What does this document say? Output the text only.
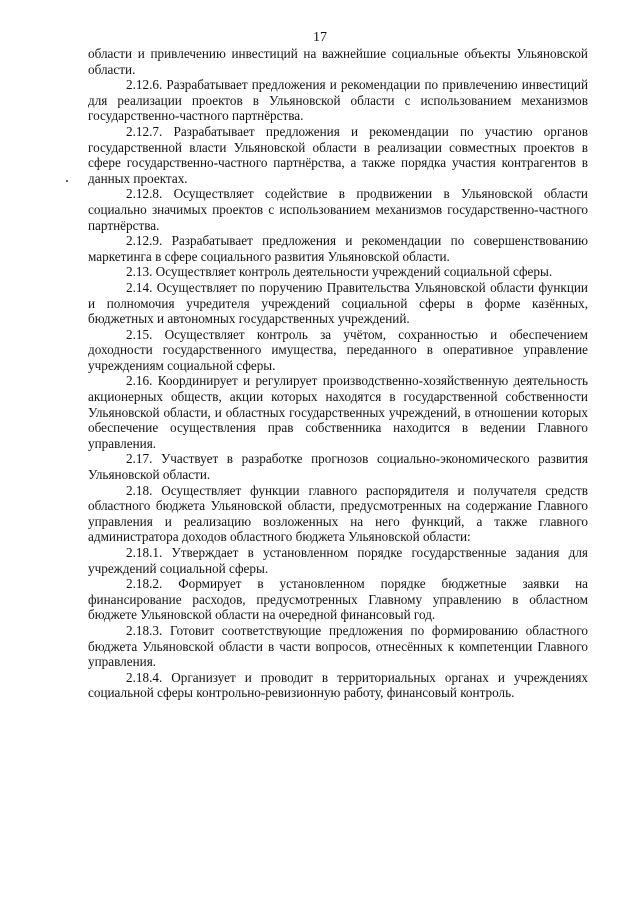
17

области и привлечению инвестиций на важнейшие социальные объекты Ульяновской области.

2.12.6. Разрабатывает предложения и рекомендации по привлечению инвестиций для реализации проектов в Ульяновской области с использованием механизмов государственно-частного партнёрства.

2.12.7. Разрабатывает предложения и рекомендации по участию органов государственной власти Ульяновской области в реализации совместных проектов в сфере государственно-частного партнёрства, а также порядка участия контрагентов в данных проектах.

2.12.8. Осуществляет содействие в продвижении в Ульяновской области социально значимых проектов с использованием механизмов государственно-частного партнёрства.

2.12.9. Разрабатывает предложения и рекомендации по совершенствованию маркетинга в сфере социального развития Ульяновской области.

2.13. Осуществляет контроль деятельности учреждений социальной сферы.

2.14. Осуществляет по поручению Правительства Ульяновской области функции и полномочия учредителя учреждений социальной сферы в форме казённых, бюджетных и автономных государственных учреждений.

2.15. Осуществляет контроль за учётом, сохранностью и обеспечением доходности государственного имущества, переданного в оперативное управление учреждениям социальной сферы.

2.16. Координирует и регулирует производственно-хозяйственную деятельность акционерных обществ, акции которых находятся в государственной собственности Ульяновской области, и областных государственных учреждений, в отношении которых обеспечение осуществления прав собственника находится в ведении Главного управления.

2.17. Участвует в разработке прогнозов социально-экономического развития Ульяновской области.

2.18. Осуществляет функции главного распорядителя и получателя средств областного бюджета Ульяновской области, предусмотренных на содержание Главного управления и реализацию возложенных на него функций, а также главного администратора доходов областного бюджета Ульяновской области:

2.18.1. Утверждает в установленном порядке государственные задания для учреждений социальной сферы.

2.18.2. Формирует в установленном порядке бюджетные заявки на финансирование расходов, предусмотренных Главному управлению в областном бюджете Ульяновской области на очередной финансовый год.

2.18.3. Готовит соответствующие предложения по формированию областного бюджета Ульяновской области в части вопросов, отнесённых к компетенции Главного управления.

2.18.4. Организует и проводит в территориальных органах и учреждениях социальной сферы контрольно-ревизионную работу, финансовый контроль.
